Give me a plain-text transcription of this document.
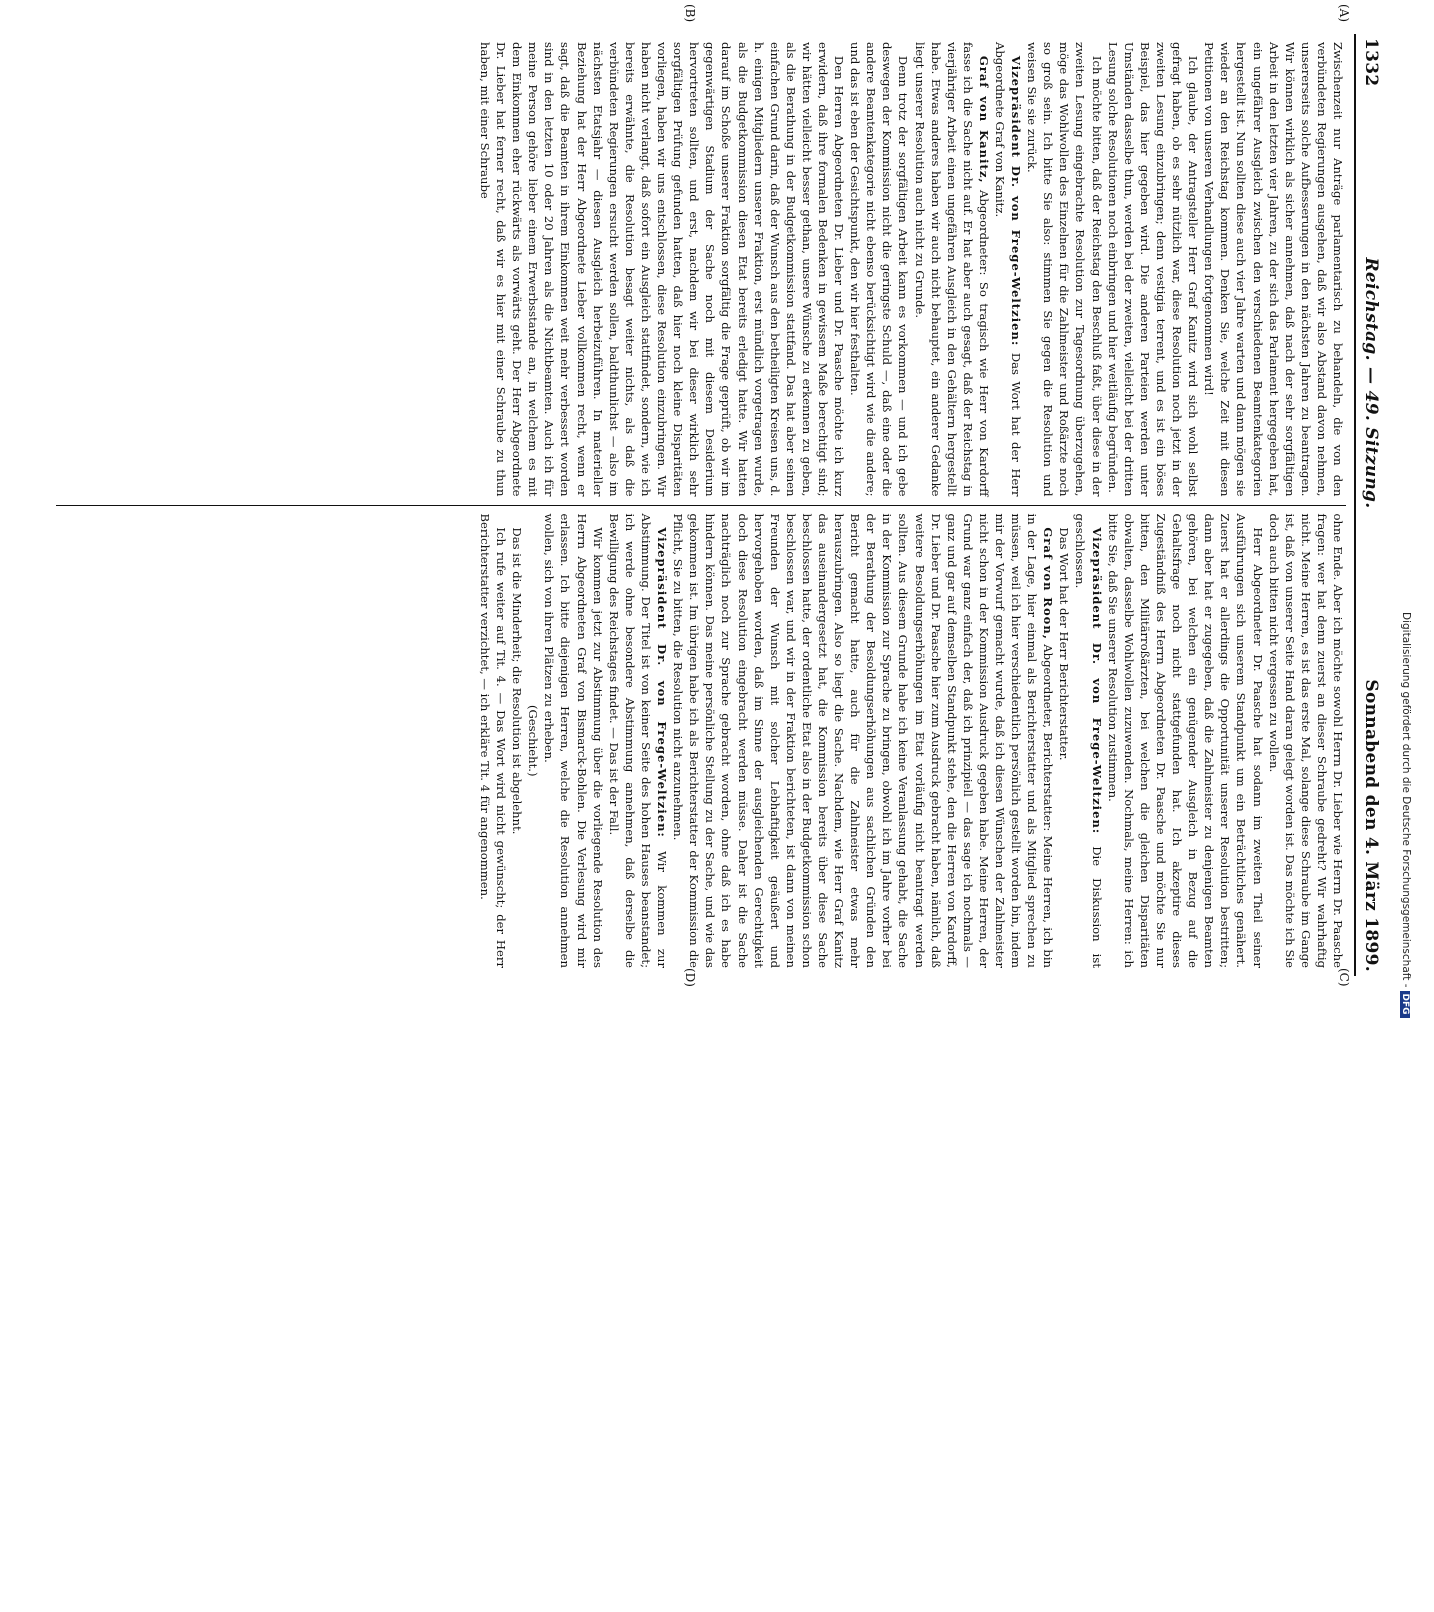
1332
Reichstag. — 49. Sitzung.
Sonnabend den 4. März 1899.

Zwischenzeit nur Anträge parlamentarisch zu behandeln, die von den verbündeten Regierungen ausgehen, daß wir also Abstand davon nehmen, unsererseits solche Aufbesserungen in den nächsten Jahren zu beantragen. Wir können wirklich als sicher annehmen, daß nach der sehr sorgfältigen Arbeit in den letzten vier Jahren, zu der sich das Parlament hergegeben hat, ein ungefährer Ausgleich zwischen den verschiedenen Beamtenkategorien hergestellt ist. Nun sollten diese auch vier Jahre warten und dann mögen sie wieder an den Reichstag kommen. Denken Sie, welche Zeit mit diesen Petitionen von unseren Verhandlungen fortgenommen wird!

Ich glaube, der Antragsteller Herr Graf Kanitz wird sich wohl selbst gefragt haben, ob es sehr nützlich war, diese Resolution noch jetzt in der zweiten Lesung einzubringen; denn vestigia terrent, und es ist ein böses Beispiel, das hier gegeben wird. Die anderen Parteien werden unter Umständen dasselbe thun, werden bei der zweiten, vielleicht bei der dritten Lesung solche Resolutionen noch einbringen und hier weitläufig begründen.

Ich möchte bitten, daß der Reichstag den Beschluß faßt, über diese in der zweiten Lesung eingebrachte Resolution zur Tagesordnung überzugehen, möge das Wohlwollen des Einzelnen für die Zahlmeister und Roßärzte noch so groß sein. Ich bitte Sie also: stimmen Sie gegen die Resolution und weisen Sie sie zurück.

Vizepräsident Dr. von Frege-Weltzien: Das Wort hat der Herr Abgeordnete Graf von Kanitz.

Graf von Kanitz, Abgeordneter: So tragisch wie Herr von Kardorff fasse ich die Sache nicht auf. Er hat aber auch gesagt, daß der Reichstag in vierjähriger Arbeit einen ungefähren Ausgleich in den Gehältern hergestellt habe. Etwas anderes haben wir auch nicht behauptet, ein anderer Gedanke liegt unserer Resolution auch nicht zu Grunde.

Denn trotz der sorgfältigen Arbeit kann es vorkommen — und ich gebe deswegen der Kommission nicht die geringste Schuld —, daß eine oder die andere Beamtenkategorie nicht ebenso berücksichtigt wird wie die andere; und das ist eben der Gesichtspunkt, den wir hier festhalten.

Den Herren Abgeordneten Dr. Lieber und Dr. Paasche möchte ich kurz erwidern, daß ihre formalen Bedenken in gewissem Maße berechtigt sind; wir hätten vielleicht besser gethan, unsere Wünsche zu erkennen zu geben, als die Berathung in der Budgetkommission stattfand. Das hat aber seinen einfachen Grund darin, daß der Wunsch aus den betheiligten Kreisen uns, d. h. einigen Mitgliedern unserer Fraktion, erst mündlich vorgetragen wurde, als die Budgetkommission diesen Etat bereits erledigt hatte. Wir hatten darauf im Schoße unserer Fraktion sorgfältig die Frage geprüft, ob wir im gegenwärtigen Stadium der Sache noch mit diesem Desiderium hervortreten sollten, und erst, nachdem wir bei dieser wirklich sehr sorgfältigen Prüfung gefunden hatten, daß hier noch kleine Disparitäten vorliegen, haben wir uns entschlossen, diese Resolution einzubringen. Wir haben nicht verlangt, daß sofort ein Ausgleich stattfindet, sondern, wie ich bereits erwähnte, die Resolution besagt weiter nichts, als daß die verbündeten Regierungen ersucht werden sollen, baldthunlichst — also im nächsten Etatsjahr — diesen Ausgleich herbeizuführen. In materieller Beziehung hat der Herr Abgeordnete Lieber vollkommen recht, wenn er sagt, daß die Beamten in ihrem Einkommen weit mehr verbessert worden sind in den letzten 10 oder 20 Jahren als die Nichtbeamten. Auch ich für meine Person gehöre lieber einem Erwerbsstande an, in welchem es mit dem Einkommen eher rückwärts als vorwärts geht. Der Herr Abgeordnete Dr. Lieber hat ferner recht, daß wir es hier mit einer Schraube zu thun haben, mit einer Schraube

ohne Ende. Aber ich möchte sowohl Herrn Dr. Lieber wie Herrn Dr. Paasche fragen: wer hat denn zuerst an dieser Schraube gedreht? Wir wahrhaftig nicht. Meine Herren, es ist das erste Mal, solange diese Schraube im Gange ist, daß von unserer Seite Hand daran gelegt worden ist. Das möchte ich Sie doch auch bitten nicht vergessen zu wollen.

Herr Abgeordneter Dr. Paasche hat sodann im zweiten Theil seiner Ausführungen sich unserem Standpunkt um ein Beträchtliches genähert. Zuerst hat er allerdings die Opportunität unserer Resolution bestritten; dann aber hat er zugegeben, daß die Zahlmeister zu denjenigen Beamten gehören, bei welchen ein genügender Ausgleich in Bezug auf die Gehaltsfrage noch nicht stattgefunden hat. Ich akzeptire dieses Zugeständniß des Herrn Abgeordneten Dr. Paasche und möchte Sie nur bitten, den Militärroßärzten, bei welchen die gleichen Disparitäten obwalten, dasselbe Wohlwollen zuzuwenden. Nochmals, meine Herren: ich bitte Sie, daß Sie unserer Resolution zustimmen.

Vizepräsident Dr. von Frege-Weltzien: Die Diskussion ist geschlossen.

Das Wort hat der Herr Berichterstatter.

Graf von Roon, Abgeordneter, Berichterstatter: Meine Herren, ich bin in der Lage, hier einmal als Berichterstatter und als Mitglied sprechen zu müssen, weil ich hier verschiedentlich persönlich gestellt worden bin, indem mir der Vorwurf gemacht wurde, daß ich diesen Wünschen der Zahlmeister nicht schon in der Kommission Ausdruck gegeben habe. Meine Herren, der Grund war ganz einfach der, daß ich prinzipiell — das sage ich nochmals — ganz und gar auf demselben Standpunkt stehe, den die Herren von Kardorff, Dr. Lieber und Dr. Paasche hier zum Ausdruck gebracht haben, nämlich, daß weitere Besoldungserhöhungen im Etat vorläufig nicht beantragt werden sollten. Aus diesem Grunde habe ich keine Veranlassung gehabt, die Sache in der Kommission zur Sprache zu bringen, obwohl ich im Jahre vorher bei der Berathung der Besoldungserhöhungen aus sachlichen Gründen den Bericht gemacht hatte, auch für die Zahlmeister etwas mehr herauszubringen. Also so liegt die Sache. Nachdem, wie Herr Graf Kanitz das auseinandergesetzt hat, die Kommission bereits über diese Sache beschlossen hatte, der ordentliche Etat also in der Budgetkommission schon beschlossen war, und wir in der Fraktion berichteten, ist dann von meinen Freunden der Wunsch mit solcher Lebhaftigkeit geäußert und hervorgehoben worden, daß im Sinne der ausgleichenden Gerechtigkeit doch diese Resolution eingebracht werden müsse. Daher ist die Sache nachträglich noch zur Sprache gebracht worden, ohne daß ich es habe hindern können. Das meine persönliche Stellung zu der Sache, und wie das gekommen ist. Im übrigen habe ich als Berichterstatter der Kommission die Pflicht, Sie zu bitten, die Resolution nicht anzunehmen.

Vizepräsident Dr. von Frege-Weltzien: Wir kommen zur Abstimmung. Der Titel ist von keiner Seite des hohen Hauses beanstandet; ich werde ohne besondere Abstimmung annehmen, daß derselbe die Bewilligung des Reichstages findet. — Das ist der Fall.

Wir kommen jetzt zur Abstimmung über die vorliegende Resolution des Herrn Abgeordneten Graf von Bismarck-Bohlen. Die Verlesung wird mir erlassen. Ich bitte diejenigen Herren, welche die Resolution annehmen wollen, sich von ihren Plätzen zu erheben.

(Geschieht.)

Das ist die Minderheit; die Resolution ist abgelehnt.

Ich rufe weiter auf Tit. 4. — Das Wort wird nicht gewünscht; der Herr Berichterstatter verzichtet, — ich erkläre Tit. 4 für angenommen.

(A)
(B)
(C)
(D)	Digitalisierung gefördert durch die Deutsche Forschungsgemeinschaft -DFG
